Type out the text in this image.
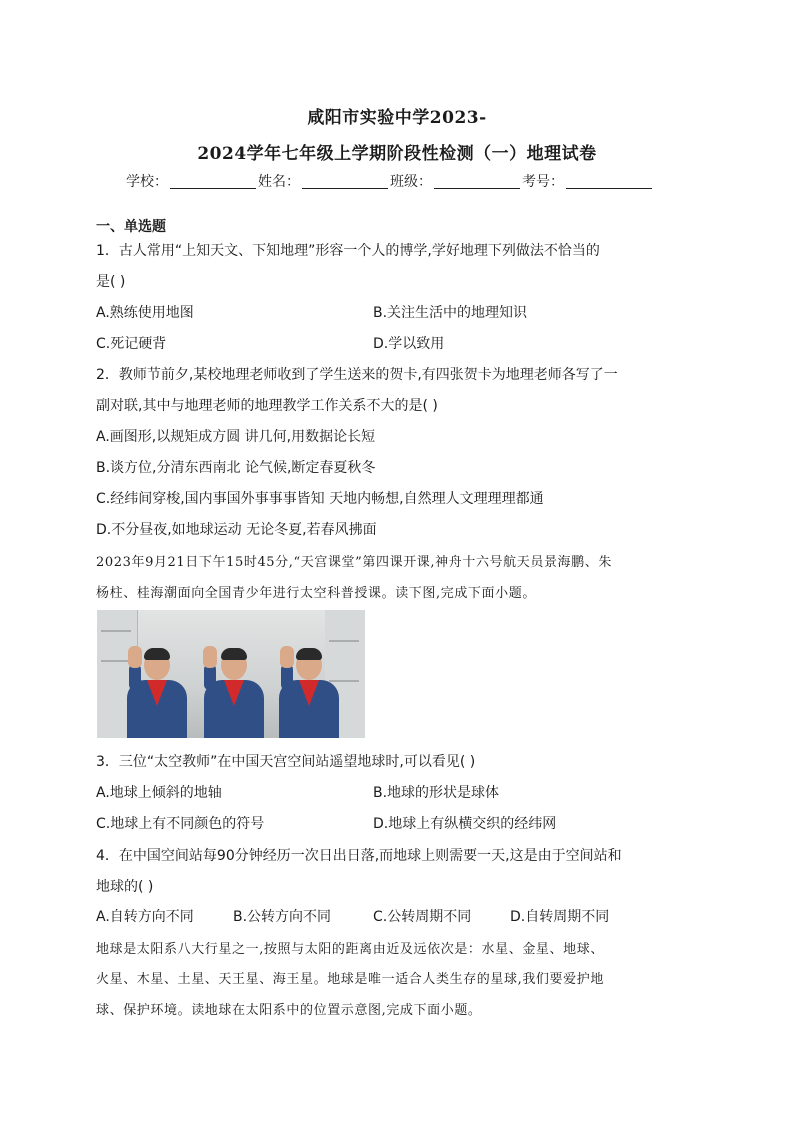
咸阳市实验中学2023-
2024学年七年级上学期阶段性检测（一）地理试卷
学校：	姓名：	班级：	考号：
一、单选题
1．古人常用“上知天文、下知地理”形容一个人的博学,学好地理下列做法不恰当的
是( )
A.熟练使用地图	B.关注生活中的地理知识
C.死记硬背	D.学以致用
2．教师节前夕,某校地理老师收到了学生送来的贺卡,有四张贺卡为地理老师各写了一
副对联,其中与地理老师的地理教学工作关系不大的是( )
A.画图形,以规矩成方圆 讲几何,用数据论长短
B.谈方位,分清东西南北 论气候,断定春夏秋冬
C.经纬间穿梭,国内事国外事事事皆知 天地内畅想,自然理人文理理理都通
D.不分昼夜,如地球运动 无论冬夏,若春风拂面
2023年9月21日下午15时45分,“天宫课堂”第四课开课,神舟十六号航天员景海鹏、朱
杨柱、桂海潮面向全国青少年进行太空科普授课。读下图,完成下面小题。
3．三位“太空教师”在中国天宫空间站遥望地球时,可以看见( )
A.地球上倾斜的地轴	B.地球的形状是球体
C.地球上有不同颜色的符号	D.地球上有纵横交织的经纬网
4．在中国空间站每90分钟经历一次日出日落,而地球上则需要一天,这是由于空间站和
地球的( )
A.自转方向不同	B.公转方向不同	C.公转周期不同	D.自转周期不同
地球是太阳系八大行星之一,按照与太阳的距离由近及远依次是：水星、金星、地球、
火星、木星、土星、天王星、海王星。地球是唯一适合人类生存的星球,我们要爱护地
球、保护环境。读地球在太阳系中的位置示意图,完成下面小题。
